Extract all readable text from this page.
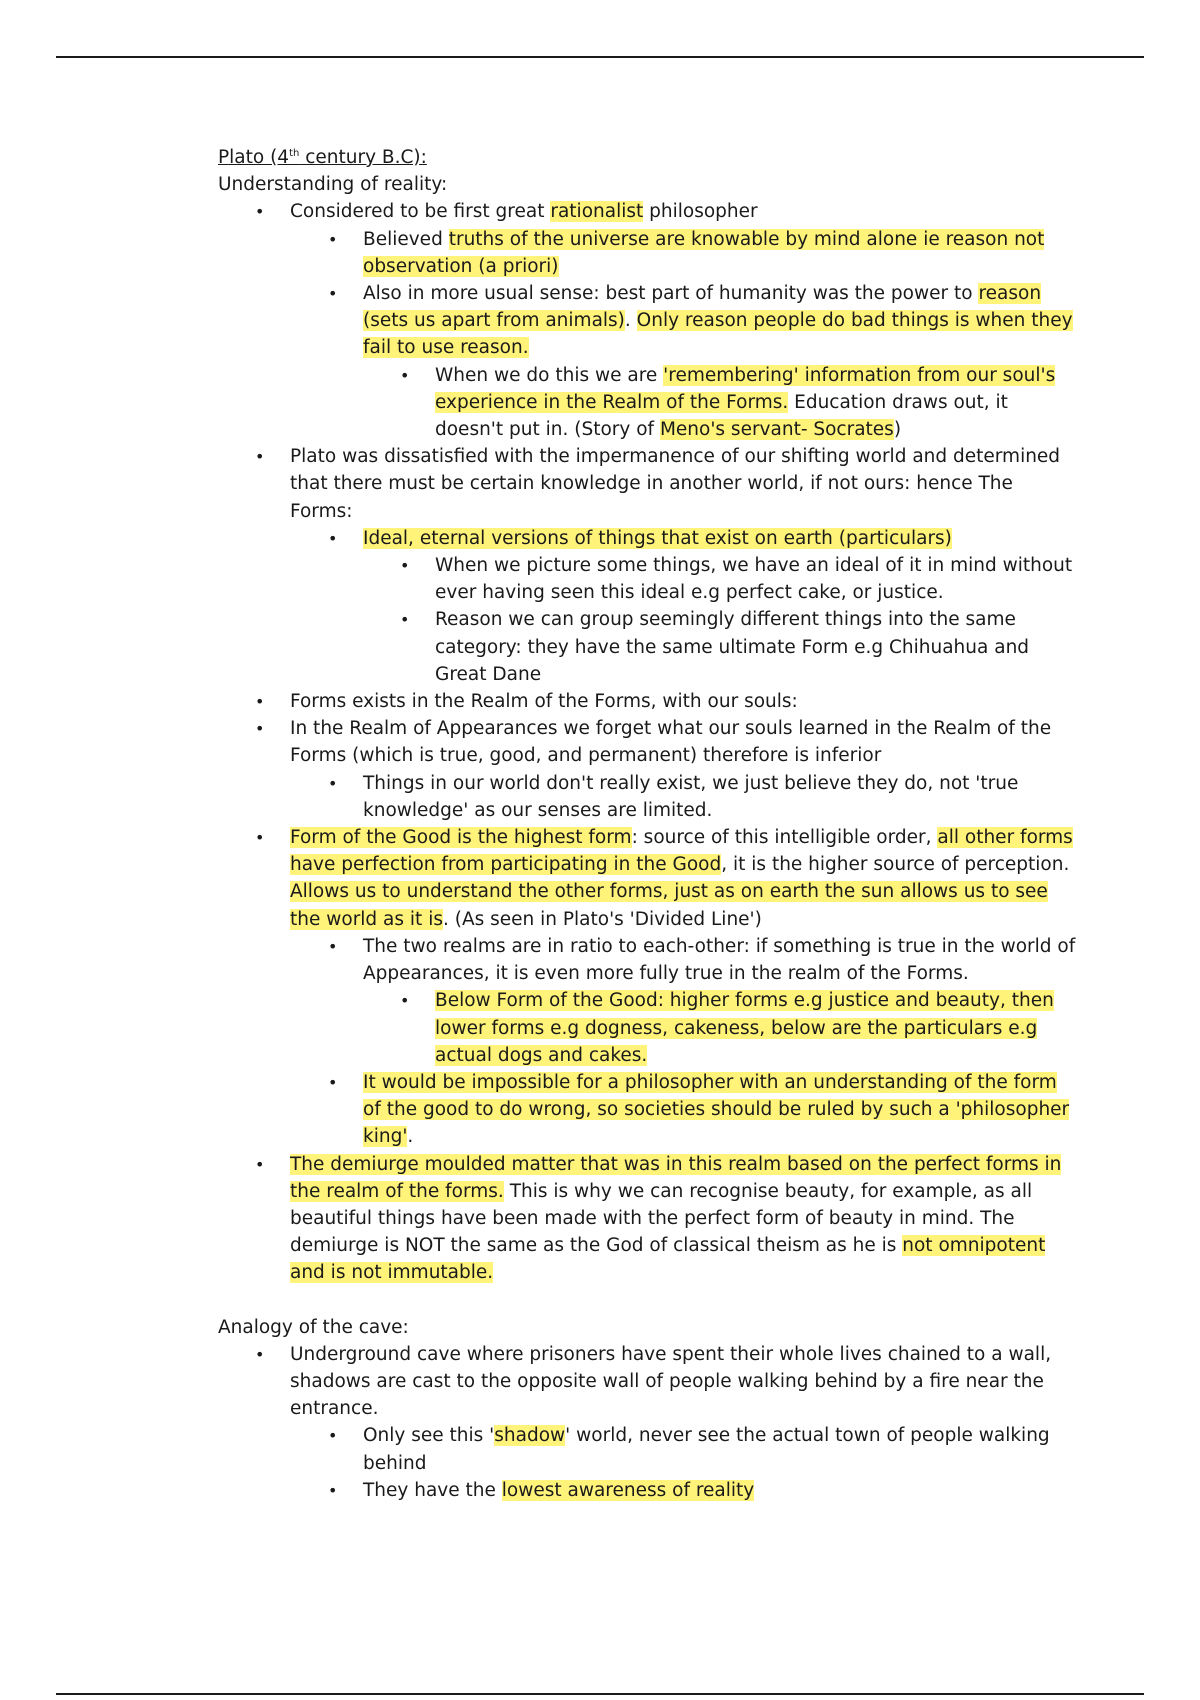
Plato (4th century B.C):

Understanding of reality:

• Considered to be first great rationalist philosopher
• Believed truths of the universe are knowable by mind alone ie reason not observation (a priori)
• Also in more usual sense: best part of humanity was the power to reason (sets us apart from animals). Only reason people do bad things is when they fail to use reason.
• When we do this we are 'remembering' information from our soul's experience in the Realm of the Forms. Education draws out, it doesn't put in. (Story of Meno's servant- Socrates)
• Plato was dissatisfied with the impermanence of our shifting world and determined that there must be certain knowledge in another world, if not ours: hence The Forms:
• Ideal, eternal versions of things that exist on earth (particulars)
• When we picture some things, we have an ideal of it in mind without ever having seen this ideal e.g perfect cake, or justice.
• Reason we can group seemingly different things into the same category: they have the same ultimate Form e.g Chihuahua and Great Dane
• Forms exists in the Realm of the Forms, with our souls:
• In the Realm of Appearances we forget what our souls learned in the Realm of the Forms (which is true, good, and permanent) therefore is inferior
• Things in our world don't really exist, we just believe they do, not 'true knowledge' as our senses are limited.
• Form of the Good is the highest form: source of this intelligible order, all other forms have perfection from participating in the Good, it is the higher source of perception. Allows us to understand the other forms, just as on earth the sun allows us to see the world as it is. (As seen in Plato's 'Divided Line')
• The two realms are in ratio to each-other: if something is true in the world of Appearances, it is even more fully true in the realm of the Forms.
• Below Form of the Good: higher forms e.g justice and beauty, then lower forms e.g dogness, cakeness, below are the particulars e.g actual dogs and cakes.
• It would be impossible for a philosopher with an understanding of the form of the good to do wrong, so societies should be ruled by such a 'philosopher king'.
• The demiurge moulded matter that was in this realm based on the perfect forms in the realm of the forms. This is why we can recognise beauty, for example, as all beautiful things have been made with the perfect form of beauty in mind. The demiurge is NOT the same as the God of classical theism as he is not omnipotent and is not immutable.

Analogy of the cave:

• Underground cave where prisoners have spent their whole lives chained to a wall, shadows are cast to the opposite wall of people walking behind by a fire near the entrance.
• Only see this 'shadow' world, never see the actual town of people walking behind
• They have the lowest awareness of reality
